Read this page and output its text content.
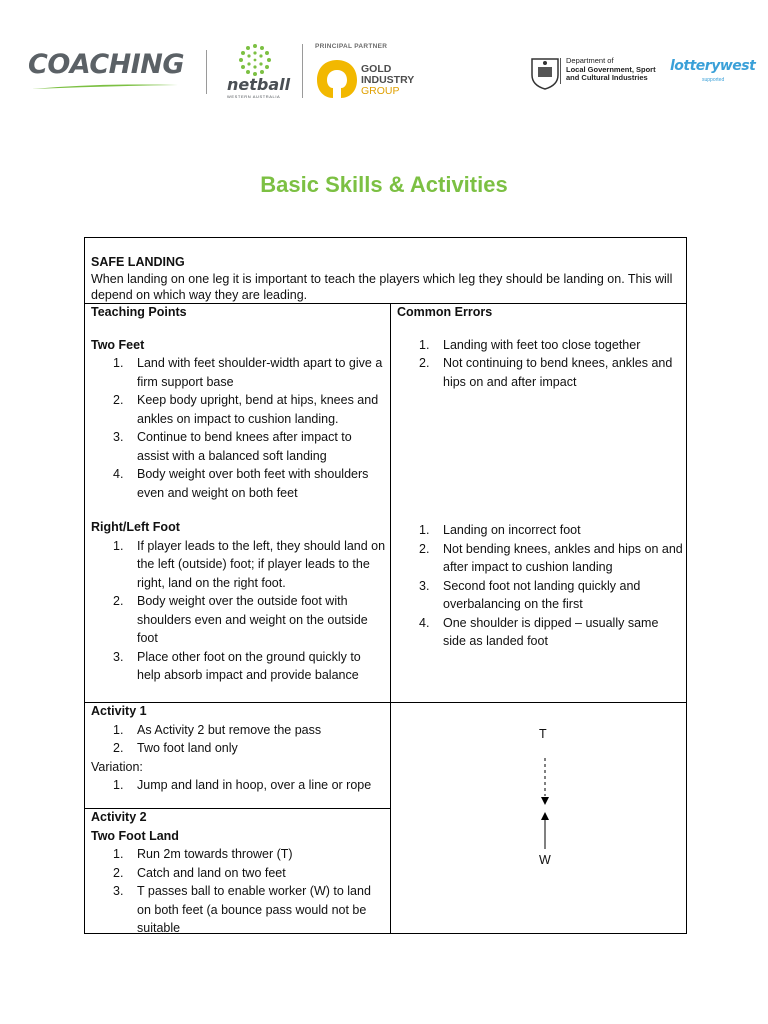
COACHING
netball
WESTERN AUSTRALIA
PRINCIPAL PARTNER
GOLD
INDUSTRY
GROUP
Department of
Local Government, Sport
and Cultural Industries
lotterywest
supported
Basic Skills & Activities
SAFE LANDING
When landing on one leg it is important to teach the players which leg they should be landing on. This will depend on which way they are leading.
Teaching Points
Two Feet
1. Land with feet shoulder-width apart to give a firm support base
2. Keep body upright, bend at hips, knees and ankles on impact to cushion landing.
3. Continue to bend knees after impact to assist with a balanced soft landing
4. Body weight over both feet with shoulders even and weight on both feet
Right/Left Foot
1. If player leads to the left, they should land on the left (outside) foot; if player leads to the right, land on the right foot.
2. Body weight over the outside foot with shoulders even and weight on the outside foot
3. Place other foot on the ground quickly to help absorb impact and provide balance
Common Errors
1. Landing with feet too close together
2. Not continuing to bend knees, ankles and hips on and after impact
1. Landing on incorrect foot
2. Not bending knees, ankles and hips on and after impact to cushion landing
3. Second foot not landing quickly and overbalancing on the first
4. One shoulder is dipped – usually same side as landed foot
Activity 1
1. As Activity 2 but remove the pass
2. Two foot land only
Variation:
1. Jump and land in hoop, over a line or rope
Activity 2
Two Foot Land
1. Run 2m towards thrower (T)
2. Catch and land on two feet
3. T passes ball to enable worker (W) to land on both feet (a bounce pass would not be suitable
T
W
